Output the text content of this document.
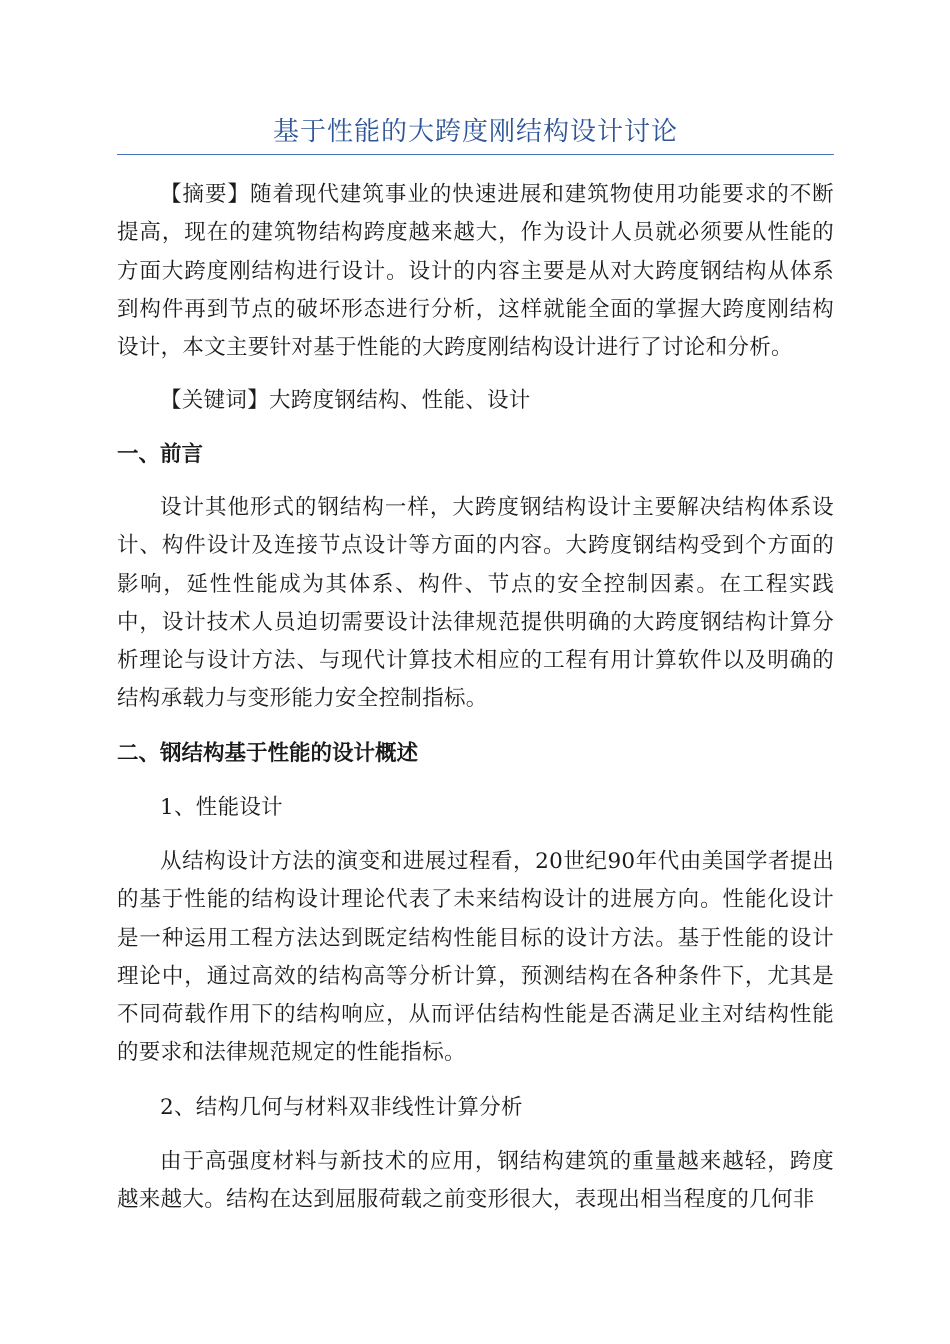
基于性能的大跨度刚结构设计讨论

【摘要】随着现代建筑事业的快速进展和建筑物使用功能要求的不断提高，现在的建筑物结构跨度越来越大，作为设计人员就必须要从性能的方面大跨度刚结构进行设计。设计的内容主要是从对大跨度钢结构从体系到构件再到节点的破坏形态进行分析，这样就能全面的掌握大跨度刚结构设计，本文主要针对基于性能的大跨度刚结构设计进行了讨论和分析。

【关键词】大跨度钢结构、性能、设计

一、前言

设计其他形式的钢结构一样，大跨度钢结构设计主要解决结构体系设计、构件设计及连接节点设计等方面的内容。大跨度钢结构受到个方面的影响，延性性能成为其体系、构件、节点的安全控制因素。在工程实践中，设计技术人员迫切需要设计法律规范提供明确的大跨度钢结构计算分析理论与设计方法、与现代计算技术相应的工程有用计算软件以及明确的结构承载力与变形能力安全控制指标。

二、钢结构基于性能的设计概述

1、性能设计

从结构设计方法的演变和进展过程看，20世纪90年代由美国学者提出的基于性能的结构设计理论代表了未来结构设计的进展方向。性能化设计是一种运用工程方法达到既定结构性能目标的设计方法。基于性能的设计理论中，通过高效的结构高等分析计算，预测结构在各种条件下，尤其是不同荷载作用下的结构响应，从而评估结构性能是否满足业主对结构性能的要求和法律规范规定的性能指标。

2、结构几何与材料双非线性计算分析

由于高强度材料与新技术的应用，钢结构建筑的重量越来越轻，跨度越来越大。结构在达到屈服荷载之前变形很大，表现出相当程度的几何非
